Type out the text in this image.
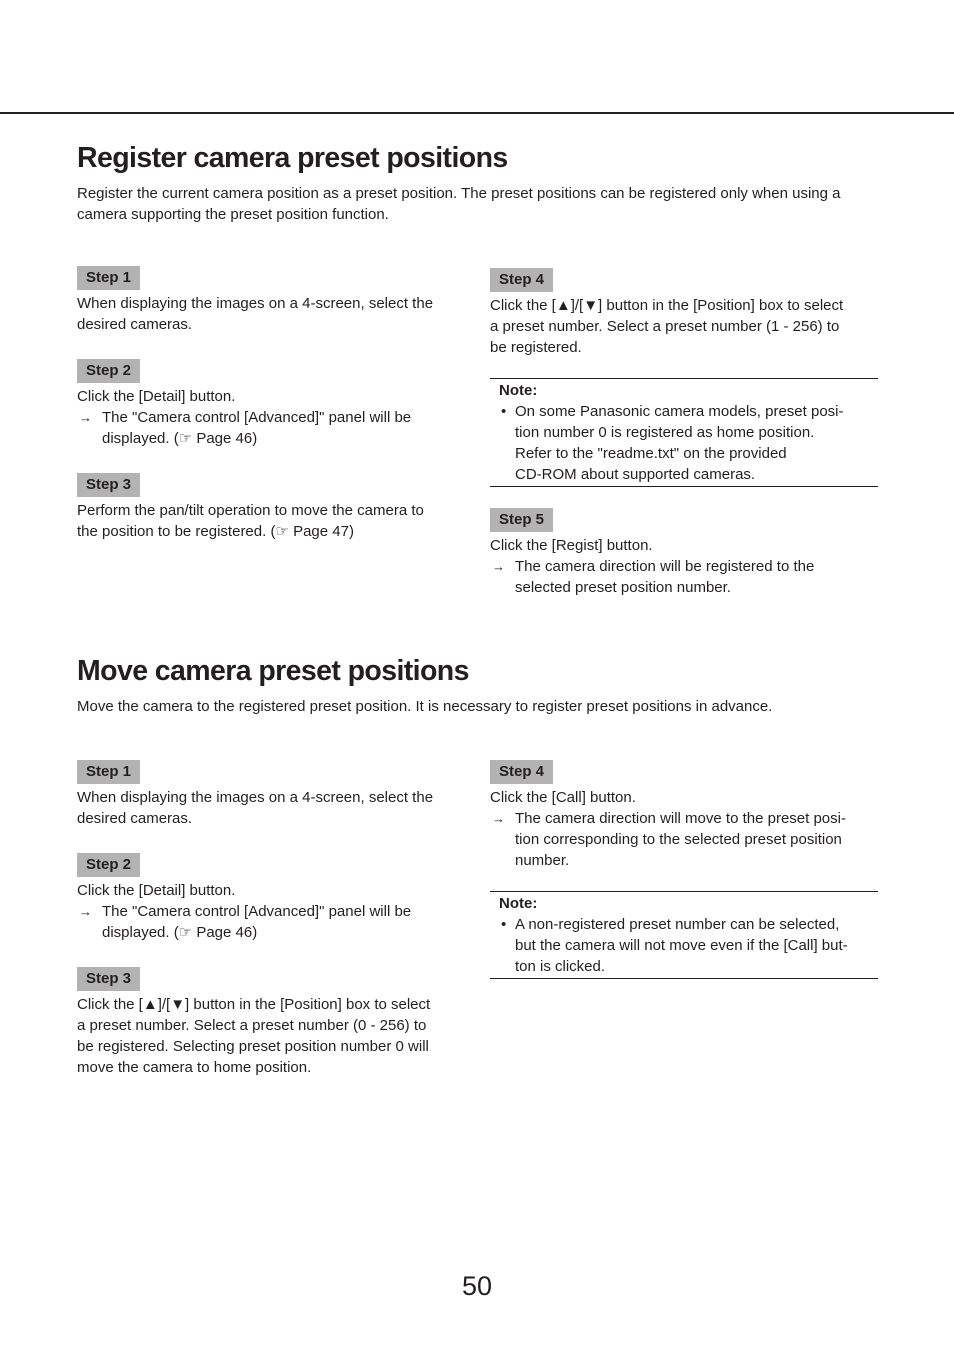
Register camera preset positions

Register the current camera position as a preset position. The preset positions can be registered only when using a camera supporting the preset position function.

Step 1

When displaying the images on a 4-screen, select the
desired cameras.

Step 2

Click the [Detail] button.

→ The "Camera control [Advanced]" panel will be
displayed. (☞ Page 46)
Step 3

Perform the pan/tilt operation to move the camera to
the position to be registered. (☞ Page 47)

Step 4

Click the [▲]/[▼] button in the [Position] box to select
a preset number. Select a preset number (1 - 256) to
be registered.

Note:
• On some Panasonic camera models, preset posi-
tion number 0 is registered as home position.
Refer to the "readme.txt" on the provided
CD-ROM about supported cameras.
Step 5

Click the [Regist] button.

→ The camera direction will be registered to the
selected preset position number.
Move camera preset positions

Move the camera to the registered preset position. It is necessary to register preset positions in advance.

Step 1

When displaying the images on a 4-screen, select the
desired cameras.

Step 2

Click the [Detail] button.

→ The "Camera control [Advanced]" panel will be
displayed. (☞ Page 46)
Step 3

Click the [▲]/[▼] button in the [Position] box to select
a preset number. Select a preset number (0 - 256) to
be registered. Selecting preset position number 0 will
move the camera to home position.

Step 4

Click the [Call] button.

→ The camera direction will move to the preset posi-
tion corresponding to the selected preset position
number.
Note:
• A non-registered preset number can be selected,
but the camera will not move even if the [Call] but-
ton is clicked.
50
